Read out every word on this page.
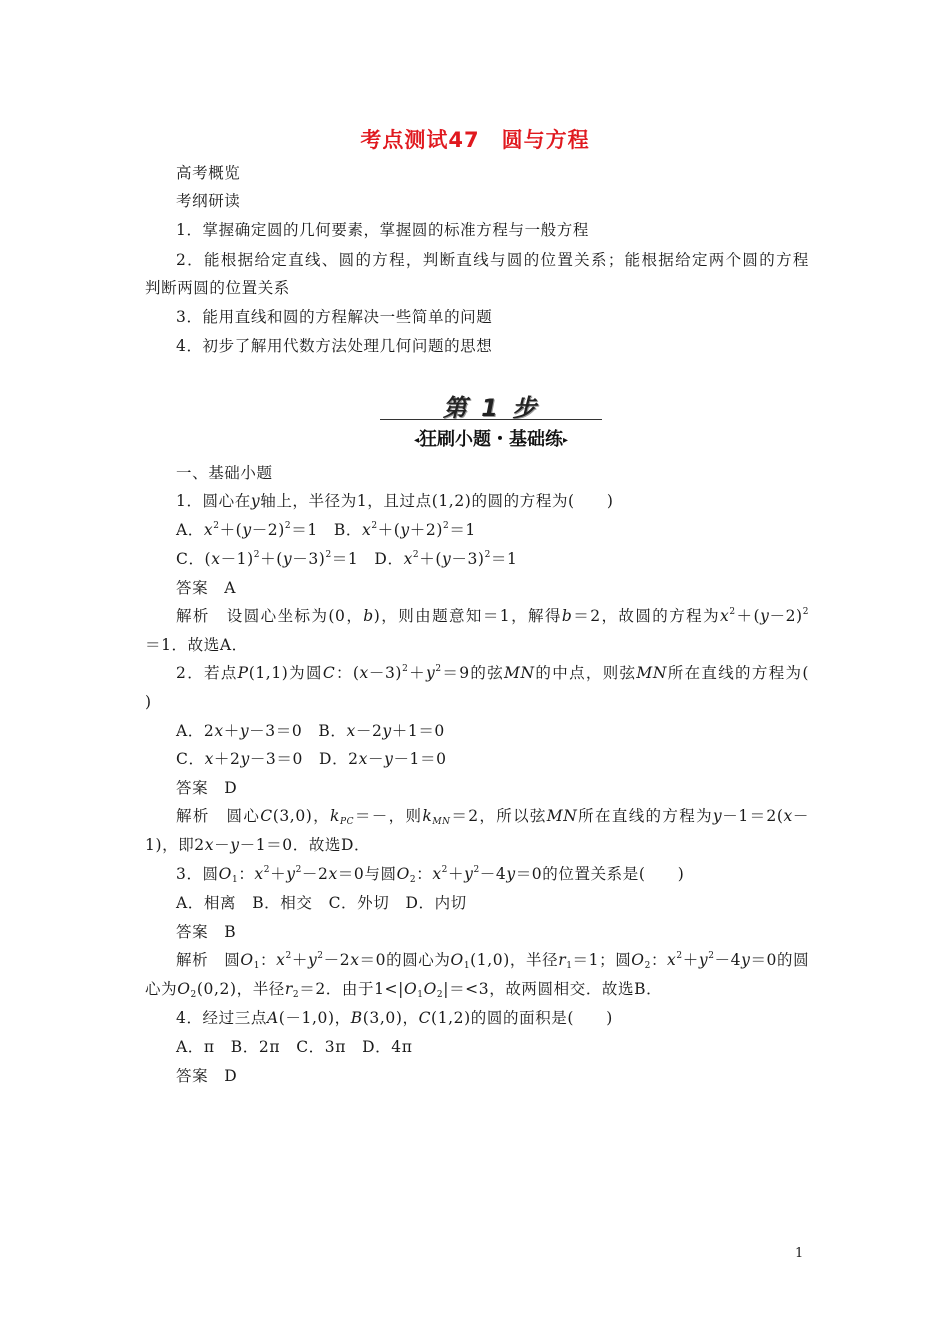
考点测试47　圆与方程
高考概览
考纲研读
1．掌握确定圆的几何要素，掌握圆的标准方程与一般方程
2．能根据给定直线、圆的方程，判断直线与圆的位置关系；能根据给定两个圆的方程
判断两圆的位置关系
3．能用直线和圆的方程解决一些简单的问题
4．初步了解用代数方法处理几何问题的思想
第 1 步
◂狂刷小题・基础练▸
一、基础小题
1．圆心在y轴上，半径为1，且过点(1,2)的圆的方程为(　　)
A．$x^2+(y-2)^2=1$　B．$x^2+(y+2)^2=1$
C．$(x-1)^2+(y-3)^2=1$　D．$x^2+(y-3)^2=1$
答案　A
解析　设圆心坐标为(0，b)，则由题意知＝1，解得b＝2，故圆的方程为$x^2+(y-2)^2$
＝1．故选A．
2．若点P(1,1)为圆C：$(x-3)^2+y^2=9$的弦MN的中点，则弦MN所在直线的方程为(
)
A．2x＋y－3＝0　B．x－2y＋1＝0
C．x＋2y－3＝0　D．2x－y－1＝0
答案　D
解析　圆心C(3,0)，$k_{PC}=-$，则$k_{MN}=2$，所以弦MN所在直线的方程为y－1＝2(x－
1)，即2x－y－1＝0．故选D．
3．圆$O_1$：$x^2+y^2-2x=0$与圆$O_2$：$x^2+y^2-4y=0$的位置关系是(　　)
A．相离　B．相交　C．外切　D．内切
答案　B
解析　圆$O_1$：$x^2+y^2-2x=0$的圆心为$O_1(1,0)$，半径$r_1=1$；圆$O_2$：$x^2+y^2-4y=0$的圆
心为$O_2(0,2)$，半径$r_2=2$．由于$1<|O_1O_2|=<3$，故两圆相交．故选B．
4．经过三点A(－1,0)，B(3,0)，C(1,2)的圆的面积是(　　)
A．π　B．2π　C．3π　D．4π
答案　D
1
